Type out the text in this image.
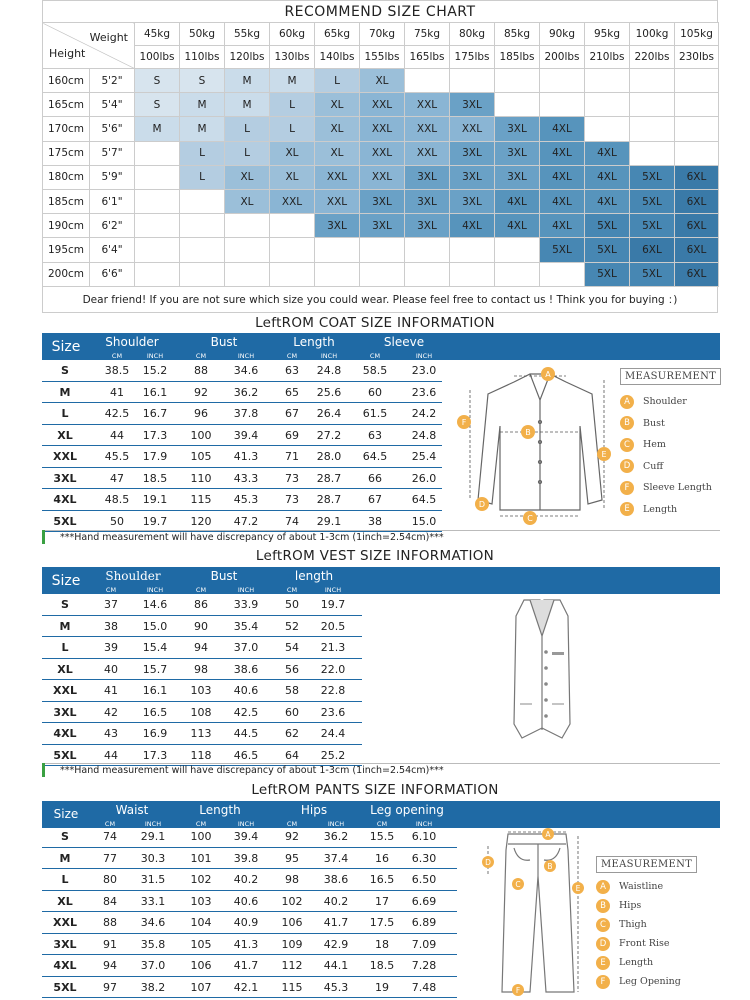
RECOMMEND SIZE CHART
Weight
Height		45kg	50kg	55kg	60kg	65kg	70kg	75kg	80kg	85kg	90kg	95kg	100kg	105kg
		100lbs	110lbs	120lbs	130lbs	140lbs	155lbs	165lbs	175lbs	185lbs	200lbs	210lbs	220lbs	230lbs
160cm	5'2"	S	S	M	M	L	XL							
165cm	5'4"	S	M	M	L	XL	XXL	XXL	3XL					
170cm	5'6"	M	M	L	L	XL	XXL	XXL	XXL	3XL	4XL			
175cm	5'7"		L	L	XL	XL	XXL	XXL	3XL	3XL	4XL	4XL		
180cm	5'9"		L	XL	XL	XXL	XXL	3XL	3XL	3XL	4XL	4XL	5XL	6XL
185cm	6'1"			XL	XXL	XXL	3XL	3XL	3XL	4XL	4XL	4XL	5XL	6XL
190cm	6'2"					3XL	3XL	3XL	4XL	4XL	4XL	5XL	5XL	6XL
195cm	6'4"										5XL	5XL	6XL	6XL
200cm	6'6"											5XL	5XL	6XL
Dear friend! If you are not sure which size you could wear. Please feel free to contact us ! Think you for buying ：)
LeftROM COAT SIZE INFORMATION
Size	Shoulder	Bust	Length	Sleeve
CM	INCH	CM	INCH	CM	INCH	CM	INCH
S	38.5	15.2	88	34.6	63	24.8	58.5	23.0
M	41	16.1	92	36.2	65	25.6	60	23.6
L	42.5	16.7	96	37.8	67	26.4	61.5	24.2
XL	44	17.3	100	39.4	69	27.2	63	24.8
XXL	45.5	17.9	105	41.3	71	28.0	64.5	25.4
3XL	47	18.5	110	43.3	73	28.7	66	26.0
4XL	48.5	19.1	115	45.3	73	28.7	67	64.5
5XL	50	19.7	120	47.2	74	29.1	38	15.0
***Hand measurement will have discrepancy of about 1-3cm (1inch=2.54cm)***
A
B
C
D
E
F
MEASUREMENT
A	Shoulder
B	Bust
C	Hem
D	Cuff
F	Sleeve Length
E	Length
LeftROM VEST SIZE INFORMATION
Size	Shoulder	Bust	length
CM	INCH	CM	INCH	CM	INCH
S	37	14.6	86	33.9	50	19.7
M	38	15.0	90	35.4	52	20.5
L	39	15.4	94	37.0	54	21.3
XL	40	15.7	98	38.6	56	22.0
XXL	41	16.1	103	40.6	58	22.8
3XL	42	16.5	108	42.5	60	23.6
4XL	43	16.9	113	44.5	62	24.4
5XL	44	17.3	118	46.5	64	25.2
***Hand measurement will have discrepancy of about 1-3cm (1inch=2.54cm)***
LeftROM PANTS SIZE INFORMATION
Size	Waist	Length	Hips	Leg opening
CM	INCH	CM	INCH	CM	INCH	CM	INCH
S	74	29.1	100	39.4	92	36.2	15.5	6.10
M	77	30.3	101	39.8	95	37.4	16	6.30
L	80	31.5	102	40.2	98	38.6	16.5	6.50
XL	84	33.1	103	40.6	102	40.2	17	6.69
XXL	88	34.6	104	40.9	106	41.7	17.5	6.89
3XL	91	35.8	105	41.3	109	42.9	18	7.09
4XL	94	37.0	106	41.7	112	44.1	18.5	7.28
5XL	97	38.2	107	42.1	115	45.3	19	7.48
A
B
C
D
E
F
MEASUREMENT
A	Waistline
B	Hips
C	Thigh
D	Front Rise
E	Length
F	Leg Opening
